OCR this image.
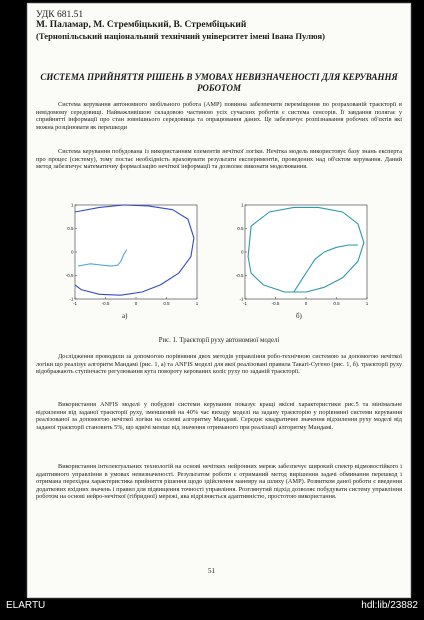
УДК 681.51
М. Паламар, М. Стрембіцький, В. Стрембіцький
(Тернопільський національний технічний університет імені Івана Пулюя)
СИСТЕМА ПРИЙНЯТТЯ РІШЕНЬ В УМОВАХ НЕВИЗНАЧЕНОСТІ ДЛЯ КЕРУВАННЯ РОБОТОМ
Система керування автономного мобільного робота (АМР) повинна забезпечити переміщення по розрахованій траєкторії в невідомому середовищі. Найважливішою складовою частиною усіх сучасних роботів є система сенсорів. Її завдання полягає у сприйнятті інформації про стан зовнішнього середовища та опрацювання даних. Це забезпечує розпізнавання робочих об'єктів які можна розцінювати як перешкоди
Система керування побудована із використанням елементів нечіткої логіки. Нечітка модель використовує базу знань експерта про процес (систему), тому постає необхідність враховувати результати експериментів, проведених над об'єктом керування. Даний метод забезпечує математичну формалізацію нечіткої інформації та дозволяє виконати моделювання.
-1	-0.5	0	0.5	1
-1
-0.5
0
0.5
1
-1	-0.5	0	0.5	1
-1
-0.5
0
0.5
1
а)	б)
Рис. 1. Траєкторії руху автономної моделі
Дослідження проводили за допомогою порівняння двох методів управління робо-технічною системою за допомогою нечіткої логіки що реалізує алгоритм Мандамі (рис. 1, а) та ANFIS моделі для якої реалізовані правила Такагі-Сугено (рис. 1, б). траєкторії руху відображають ступінчасте регулювання кута повороту керованих коліс руху по заданій траєкторії.
Використання ANFIS моделі у побудові системи керування показує кращі якісні характеристики рис.5 та мінімальне відхилення від заданої траєкторії руху, зменшений на 40% час виходу моделі на задану траєкторію у порівнянні системи керування реалізованої за допомогою нечіткої логіки на основі алгоритму Мандамі. Середнє квадратичне значення відхилення руху моделі від заданої траєкторії становить 5%, що вдвічі менше від значення отриманого при реалізації алгоритму Мандамі.
Використання інтелектуальних технологій на основі нечітких нейронних мереж забезпечує широкий спектр відмовостійкого і адаптивного управління в умовах невизначеності. Результатом роботи є отриманий метод вирішення задачі обминання перешкод і отримана перехідна характеристика прийняття рішення щодо здійснення маневру на шляху (АМР). Розвитком даної роботи є введення додаткових вхідних значень і правил для підвищення точності управління. Розглянутий підхід дозволяє побудувати систему управління роботом на основі нейро-нечіткої (гібридної) мережі, яка відрізняється адаптивністю, простотою використання.
51
ELARTU	hdl:lib/23882
